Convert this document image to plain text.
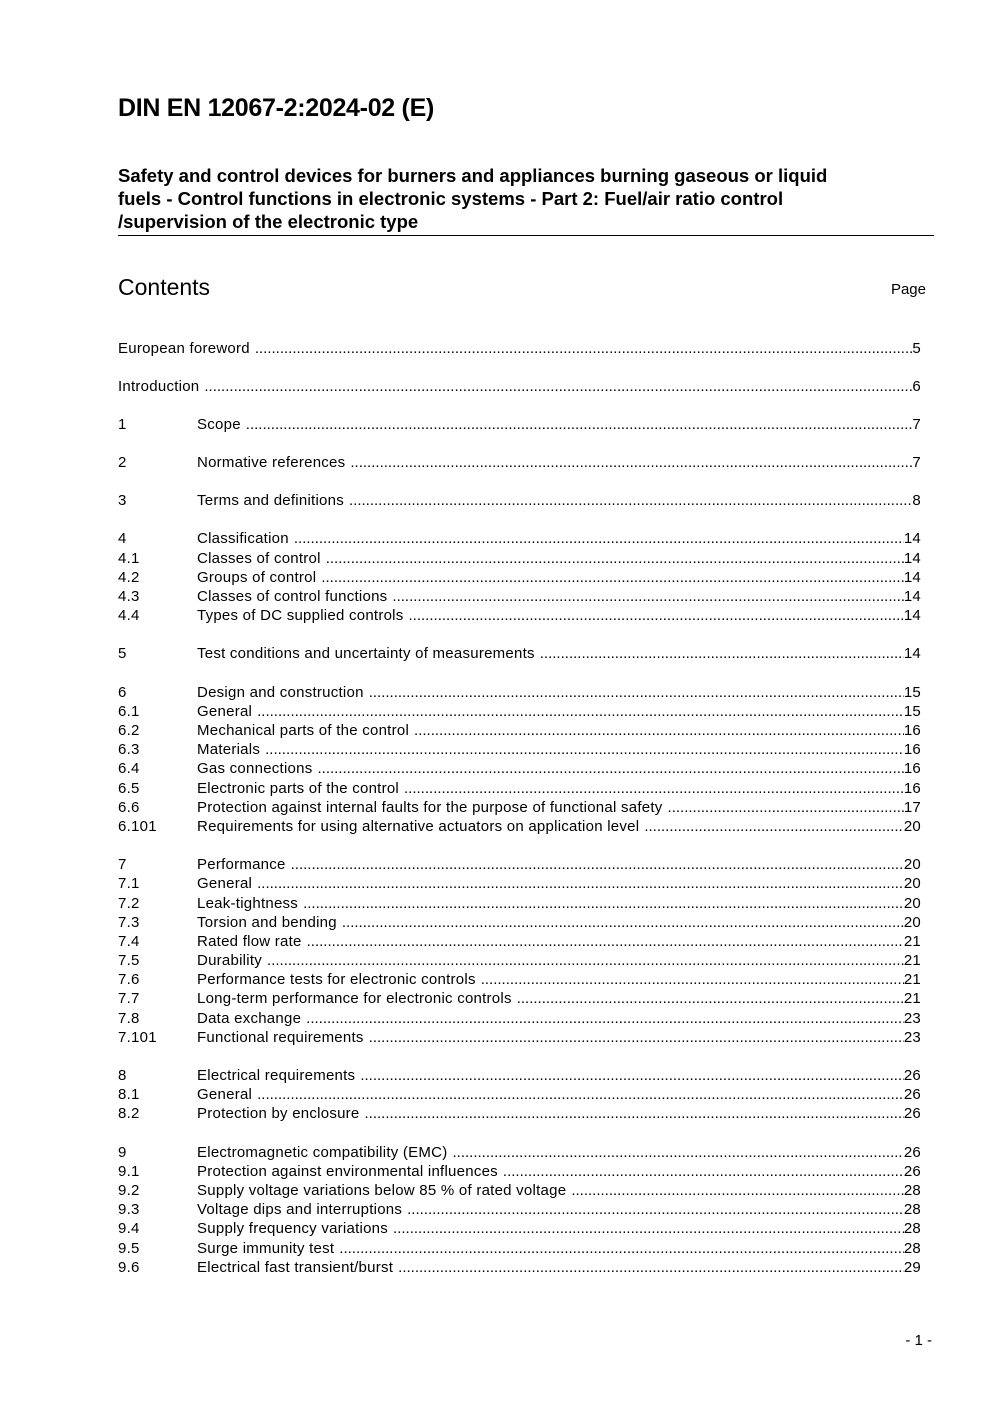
DIN EN 12067-2:2024-02 (E)
Safety and control devices for burners and appliances burning gaseous or liquid
fuels - Control functions in electronic systems - Part 2: Fuel/air ratio control
/supervision of the electronic type
Contents	Page
European foreword .....	5
Introduction .....	6
1	Scope .....	7
2	Normative references .....	7
3	Terms and definitions .....	8
4	Classification .....	14
4.1	Classes of control .....	14
4.2	Groups of control .....	14
4.3	Classes of control functions .....	14
4.4	Types of DC supplied controls .....	14
5	Test conditions and uncertainty of measurements .....	14
6	Design and construction .....	15
6.1	General .....	15
6.2	Mechanical parts of the control .....	16
6.3	Materials .....	16
6.4	Gas connections .....	16
6.5	Electronic parts of the control .....	16
6.6	Protection against internal faults for the purpose of functional safety .....	17
6.101	Requirements for using alternative actuators on application level .....	20
7	Performance .....	20
7.1	General .....	20
7.2	Leak-tightness .....	20
7.3	Torsion and bending .....	20
7.4	Rated flow rate .....	21
7.5	Durability .....	21
7.6	Performance tests for electronic controls .....	21
7.7	Long-term performance for electronic controls .....	21
7.8	Data exchange .....	23
7.101	Functional requirements .....	23
8	Electrical requirements .....	26
8.1	General .....	26
8.2	Protection by enclosure .....	26
9	Electromagnetic compatibility (EMC) .....	26
9.1	Protection against environmental influences .....	26
9.2	Supply voltage variations below 85 % of rated voltage .....	28
9.3	Voltage dips and interruptions .....	28
9.4	Supply frequency variations .....	28
9.5	Surge immunity test .....	28
9.6	Electrical fast transient/burst .....	29
- 1 -
